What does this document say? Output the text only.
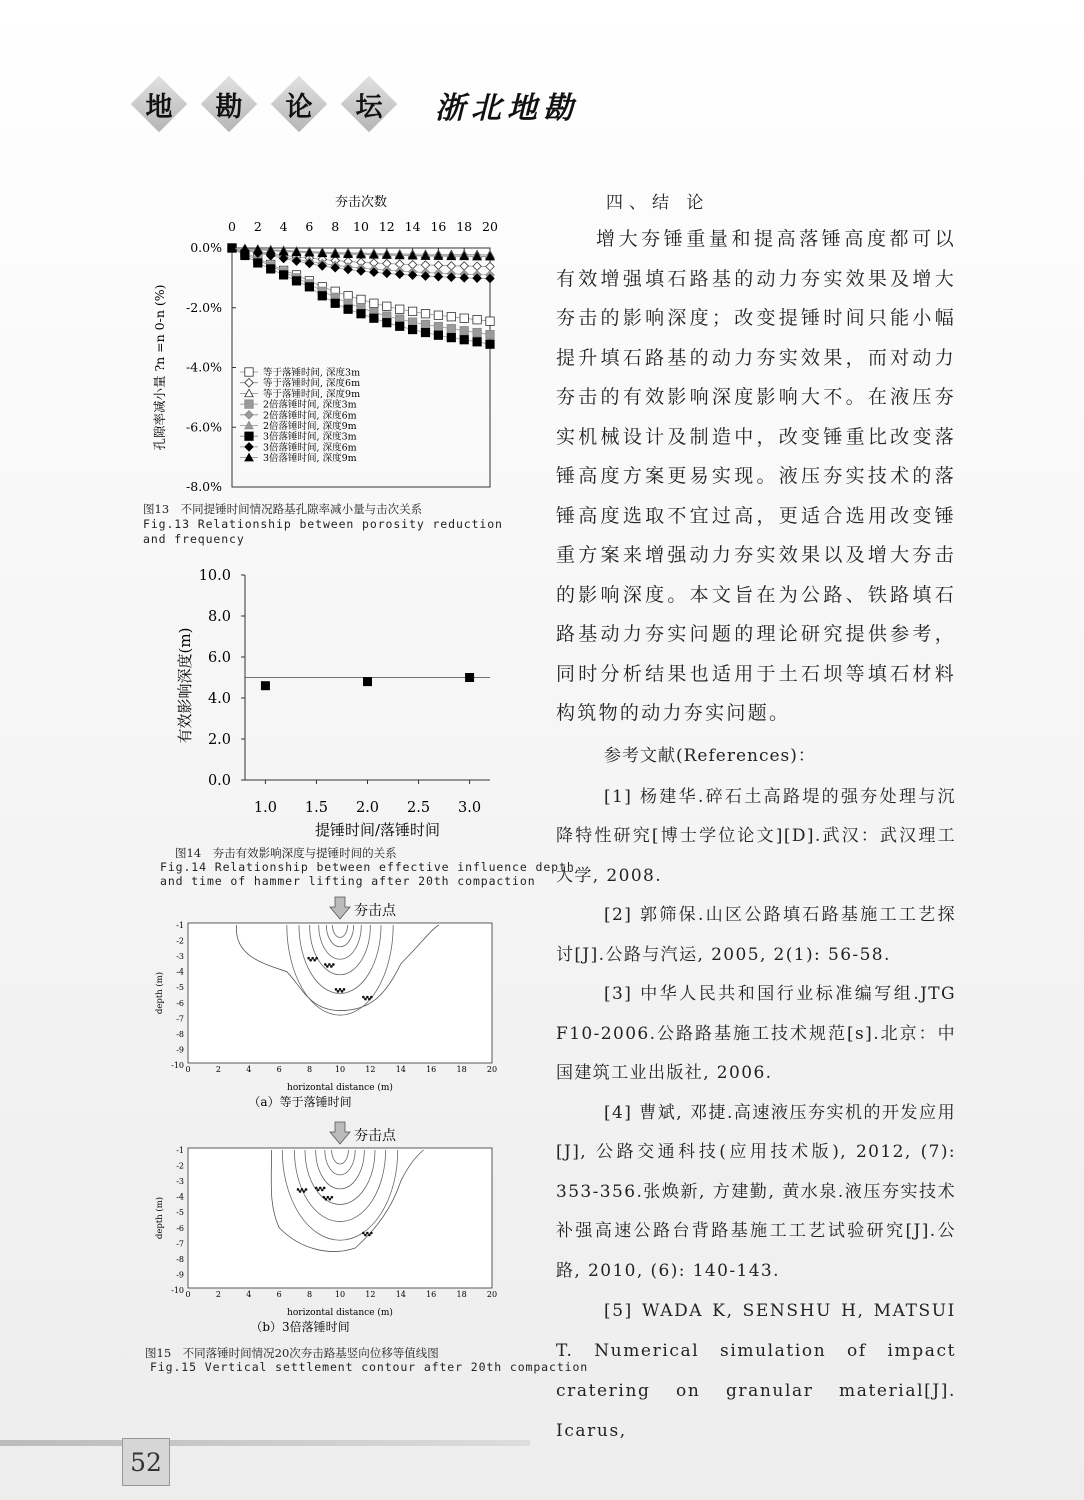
地 勘 论 坛 浙北地勘
夯击次数
0 2 4 6 8 10 12 14 16 18 20
0.0%
-2.0%
-4.0%
-6.0%
-8.0%
孔隙率减小量 ?n =n 0-n (%)	等于落锤时间, 深度3m
等于落锤时间, 深度6m
等于落锤时间, 深度9m
2倍落锤时间, 深度3m
2倍落锤时间, 深度6m
2倍落锤时间, 深度9m
3倍落锤时间, 深度3m
3倍落锤时间, 深度6m
3倍落锤时间, 深度9m
图13　不同提锤时间情况路基孔隙率减小量与击次关系
Fig.13 Relationship between porosity reduction
and frequency
0.0
2.0
4.0
6.0
8.0
10.0
1.0 1.5 2.0 2.5 3.0
提锤时间/落锤时间
有效影响深度(m)
图14　夯击有效影响深度与提锤时间的关系
Fig.14 Relationship between effective influence depth
and time of hammer lifting after 20th compaction
夯击点
-1
-2
-3
-4
-5
-6
-7
-8
-9
-10 0	2	4	6	8	10	12	14	16	18	20
depth (m)
horizontal distance (m)
（a）等于落锤时间
夯击点
-1
-2
-3
-4
-5
-6
-7
-8
-9
-10 0	2	4	6	8	10	12	14	16	18	20
depth (m)
horizontal distance (m)
（b）3倍落锤时间
图15　不同落锤时间情况20次夯击路基竖向位移等值线图
Fig.15 Vertical settlement contour after 20th compaction
四、结 论
增大夯锤重量和提高落锤高度都可以有效增强填石路基的动力夯实效果及增大夯击的影响深度；改变提锤时间只能小幅提升填石路基的动力夯实效果，而对动力夯击的有效影响深度影响大不。在液压夯实机械设计及制造中，改变锤重比改变落锤高度方案更易实现。液压夯实技术的落锤高度选取不宜过高，更适合选用改变锤重方案来增强动力夯实效果以及增大夯击的影响深度。本文旨在为公路、铁路填石路基动力夯实问题的理论研究提供参考，同时分析结果也适用于土石坝等填石材料构筑物的动力夯实问题。
参考文献(References)：
[1] 杨建华.碎石土高路堤的强夯处理与沉降特性研究[博士学位论文][D].武汉：武汉理工大学, 2008.
[2] 郭筛保.山区公路填石路基施工工艺探讨[J].公路与汽运, 2005, 2(1): 56-58.
[3] 中华人民共和国行业标准编写组.JTG F10-2006.公路路基施工技术规范[s].北京：中国建筑工业出版社, 2006.
[4] 曹斌, 邓捷.高速液压夯实机的开发应用[J], 公路交通科技(应用技术版), 2012, (7): 353-356.张焕新, 方建勤, 黄水泉.液压夯实技术补强高速公路台背路基施工工艺试验研究[J].公路, 2010, (6): 140-143.
[5] WADA K, SENSHU H, MATSUI T. Numerical simulation of impact cratering on granular material[J]. Icarus,
52
